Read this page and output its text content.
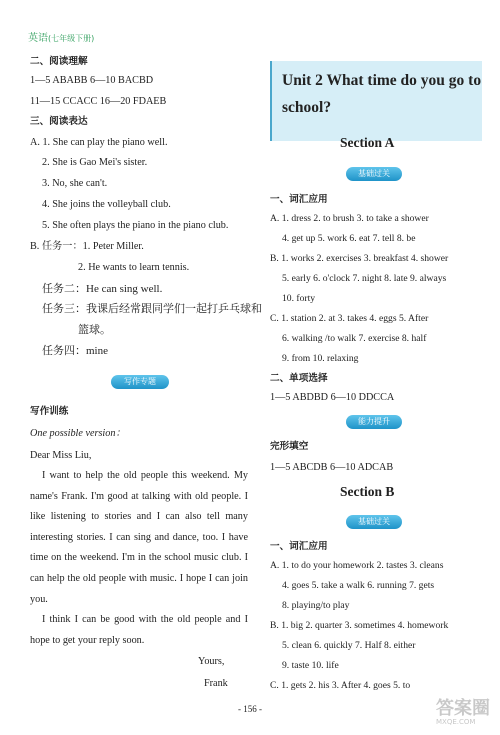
英语(七年级下册)
二、阅读理解
1—5 ABABB 6—10 BACBD
11—15 CCACC 16—20 FDAEB
三、阅读表达
A. 1. She can play the piano well.
2. She is Gao Mei's sister.
3. No, she can't.
4. She joins the volleyball club.
5. She often plays the piano in the piano club.
B. 任务一：1. Peter Miller.
2. He wants to learn tennis.
任务二：He can sing well.
任务三：我课后经常跟同学们一起打乒乓球和
篮球。
任务四：mine
写作专题
写作训练
One possible version：
Dear Miss Liu,
I want to help the old people this weekend. My name's Frank. I'm good at talking with old people. I like listening to stories and I can also tell many interesting stories. I can sing and dance, too. I have time on the weekend. I'm in the school music club. I can help the old people with music. I hope I can join you.
I think I can be good with the old people and I hope to get your reply soon.
Yours,
Frank
Unit 2 What time do you go to
school?
Section A
基础过关
一、词汇应用
A. 1. dress 2. to brush 3. to take a shower
4. get up 5. work 6. eat 7. tell 8. be
B. 1. works 2. exercises 3. breakfast 4. shower
5. early 6. o'clock 7. night 8. late 9. always
10. forty
C. 1. station 2. at 3. takes 4. eggs 5. After
6. walking /to walk 7. exercise 8. half
9. from 10. relaxing
二、单项选择
1—5 ABDBD 6—10 DDCCA
能力提升
完形填空
1—5 ABCDB 6—10 ADCAB
Section B
基础过关
一、词汇应用
A. 1. to do your homework 2. tastes 3. cleans
4. goes 5. take a walk 6. running 7. gets
8. playing/to play
B. 1. big 2. quarter 3. sometimes 4. homework
5. clean 6. quickly 7. Half 8. either
9. taste 10. life
C. 1. gets 2. his 3. After 4. goes 5. to
- 156 -	答案圈
MXQE.COM
